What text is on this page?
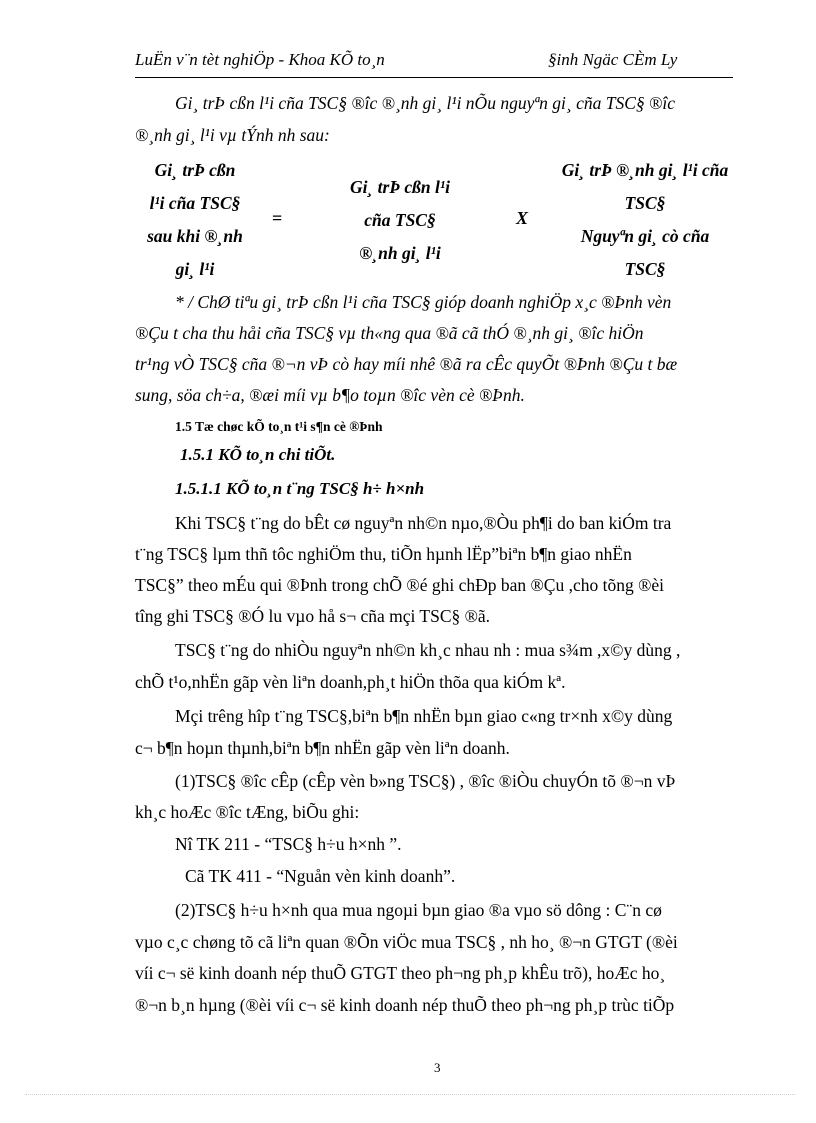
LuËn v¨n tèt nghiÖp - Khoa KÕ to¸n	§inh Ngäc CÈm Ly
Gi¸ trÞ cßn l¹i cña TSC§ ®îc ®¸nh gi¸ l¹i nÕu nguyªn gi¸ cña TSC§ ®îc
®¸nh gi¸ l¹i vµ tÝnh nh sau:
Gi¸ trÞ cßn
l¹i cña TSC§
sau khi ®¸nh
gi¸ l¹i
=
Gi¸ trÞ cßn l¹i
cña TSC§
®¸nh gi¸ l¹i
X
Gi¸ trÞ ®¸nh gi¸ l¹i cña
TSC§
Nguyªn gi¸ cò cña
TSC§
* / ChØ tiªu gi¸ trÞ cßn l¹i cña TSC§ gióp doanh nghiÖp x¸c ®Þnh vèn
®Çu t cha thu håi cña TSC§ vµ th«ng qua ®ã cã thÓ ®¸nh gi¸ ®îc hiÖn
tr¹ng vÒ TSC§ cña ®¬n vÞ cò hay míi nhê ®ã ra cÊc quyÕt ®Þnh ®Çu t bæ
sung, söa ch÷a, ®æi míi vµ b¶o toµn ®îc vèn cè ®Þnh.
1.5 Tæ chøc kÕ to¸n t¹i s¶n cè ®Þnh
1.5.1 KÕ to¸n chi tiÕt.
1.5.1.1 KÕ to¸n t¨ng TSC§ h÷ h×nh
Khi TSC§ t¨ng do bÊt cø nguyªn nh©n nµo,®Òu ph¶i do ban kiÓm tra
t¨ng TSC§ lµm thñ tôc nghiÖm thu, tiÕn hµnh lËp”biªn b¶n giao nhËn
TSC§” theo mÉu qui ®Þnh trong chÕ ®é ghi chÐp ban ®Çu ,cho tõng ®èi
tîng ghi TSC§ ®Ó lu vµo hå s¬ cña mçi TSC§ ®ã.
TSC§ t¨ng do nhiÒu nguyªn nh©n kh¸c nhau nh : mua s¾m ,x©y dùng ,
chÕ t¹o,nhËn gãp vèn liªn doanh,ph¸t hiÖn thõa qua kiÓm kª.
Mçi trêng hîp t¨ng TSC§,biªn b¶n nhËn bµn giao c«ng tr×nh x©y dùng
c¬ b¶n hoµn thµnh,biªn b¶n nhËn gãp vèn liªn doanh.
(1)TSC§ ®îc cÊp (cÊp vèn b»ng TSC§) , ®îc ®iÒu chuyÓn tõ ®¬n vÞ
kh¸c hoÆc ®îc tÆng, biÕu ghi:
Nî TK 211 - “TSC§ h÷u h×nh ”.
Cã TK 411 - “Nguån vèn kinh doanh”.
(2)TSC§ h÷u h×nh qua mua ngoµi bµn giao ®a vµo sö dông : C¨n cø
vµo c¸c chøng tõ cã liªn quan ®Õn viÖc mua TSC§ , nh ho¸ ®¬n GTGT (®èi
víi c¬ së kinh doanh nép thuÕ GTGT theo ph¬ng ph¸p khÊu trõ), hoÆc ho¸
®¬n b¸n hµng (®èi víi c¬ së kinh doanh nép thuÕ theo ph¬ng ph¸p trùc tiÕp
3
